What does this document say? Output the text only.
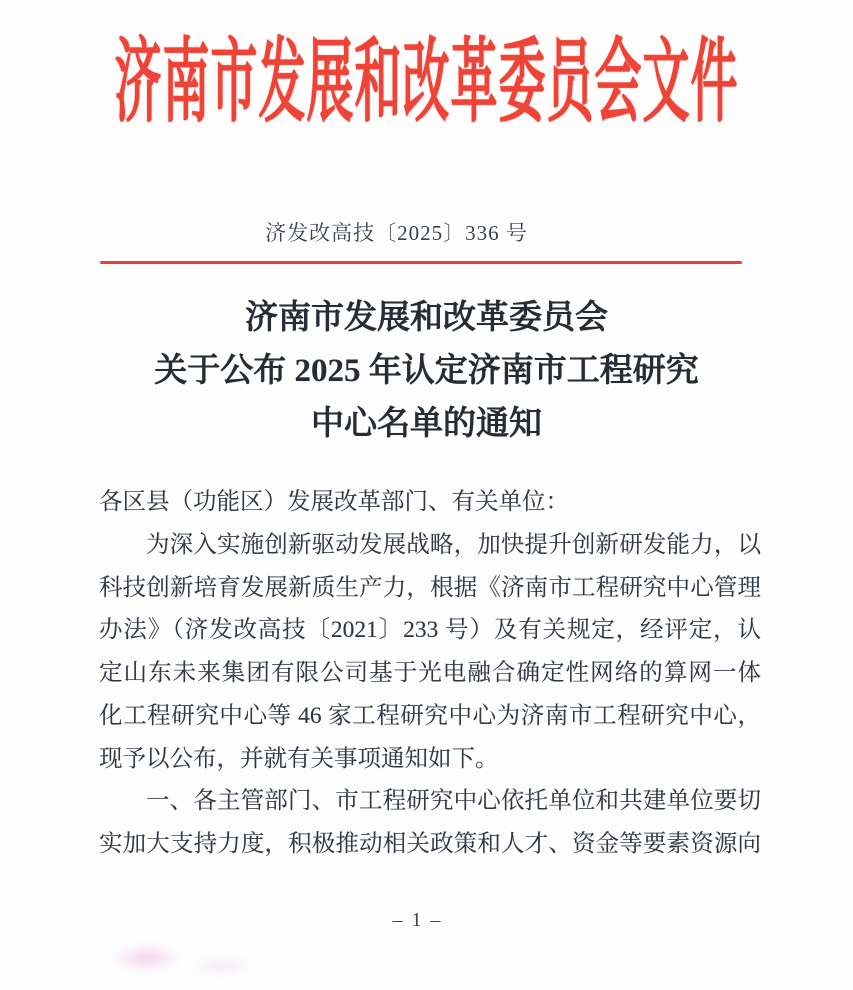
济南市发展和改革委员会文件
济发改高技〔2025〕336 号
济南市发展和改革委员会
关于公布 2025 年认定济南市工程研究
中心名单的通知
各区县（功能区）发展改革部门、有关单位：
为深入实施创新驱动发展战略，加快提升创新研发能力，以
科技创新培育发展新质生产力，根据《济南市工程研究中心管理
办法》（济发改高技〔2021〕233 号）及有关规定，经评定，认
定山东未来集团有限公司基于光电融合确定性网络的算网一体
化工程研究中心等 46 家工程研究中心为济南市工程研究中心，
现予以公布，并就有关事项通知如下。
一、各主管部门、市工程研究中心依托单位和共建单位要切
实加大支持力度，积极推动相关政策和人才、资金等要素资源向
– 1 –
